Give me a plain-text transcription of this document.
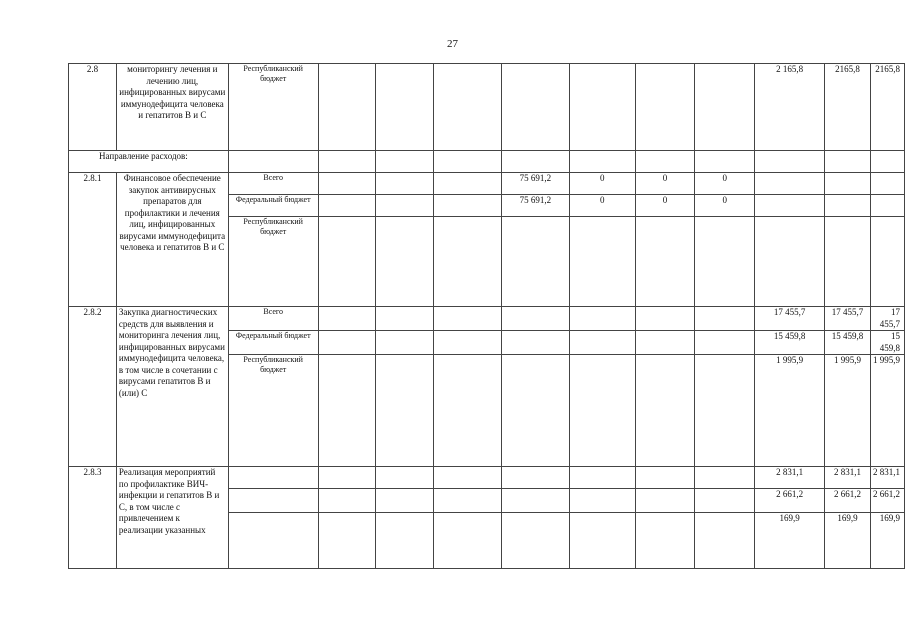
27
2.8	мониторингу лечения и лечению лиц, инфицированных вирусами иммунодефицита человека и гепатитов В и С	Республиканский бюджет								2 165,8	2165,8	2165,8
Направление расходов:												
2.8.1	Финансовое обеспечение закупок антивирусных препаратов для профилактики и лечения лиц, инфицированных вирусами иммунодефицита человека и гепатитов В и С	Всего				75 691,2	0	0	0			
		Федеральный бюджет				75 691,2	0	0	0			
		Республиканский бюджет										
2.8.2	Закупка диагностических средств для выявления и мониторинга лечения лиц, инфицированных вирусами иммунодефицита человека, в том числе в сочетании с вирусами гепатитов В и (или) С	Всего								17 455,7	17 455,7	17 455,7
		Федеральный бюджет								15 459,8	15 459,8	15 459,8
		Республиканский бюджет								1 995,9	1 995,9	1 995,9
2.8.3	Реализация мероприятий по профилактике ВИЧ-инфекции и гепатитов В и С, в том числе с привлечением к реализации указанных									2 831,1	2 831,1	2 831,1
										2 661,2	2 661,2	2 661,2
										169,9	169,9	169,9
